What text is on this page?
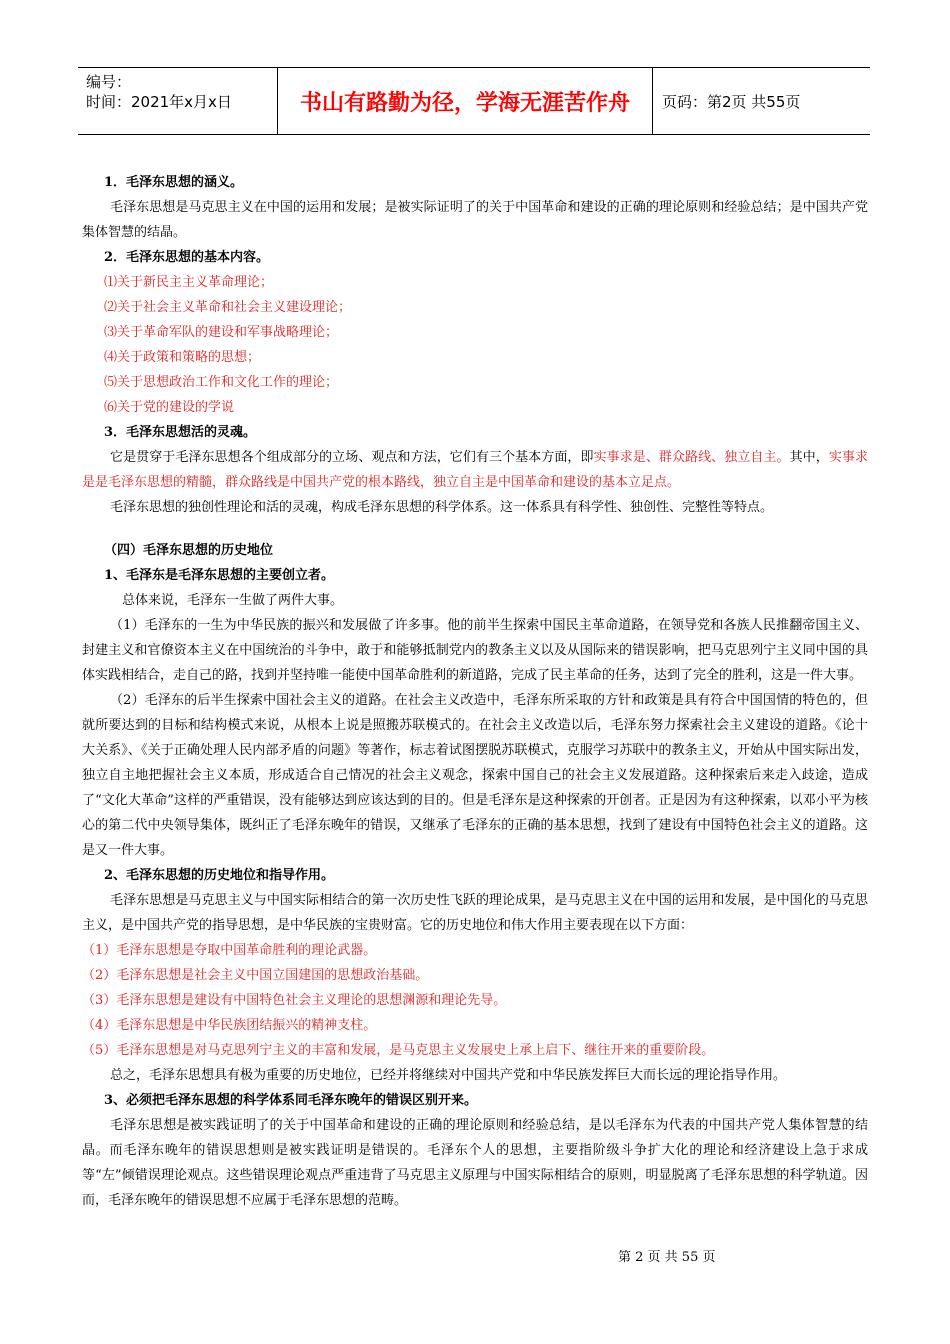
编号：
时间：2021年x月x日	书山有路勤为径，学海无涯苦作舟	页码：第2页 共55页

1．毛泽东思想的涵义。

毛泽东思想是马克思主义在中国的运用和发展；是被实际证明了的关于中国革命和建设的正确的理论原则和经验总结；是中国共产党集体智慧的结晶。

2．毛泽东思想的基本内容。

⑴关于新民主主义革命理论；

⑵关于社会主义革命和社会主义建设理论；

⑶关于革命军队的建设和军事战略理论；

⑷关于政策和策略的思想；

⑸关于思想政治工作和文化工作的理论；

⑹关于党的建设的学说

3．毛泽东思想活的灵魂。

它是贯穿于毛泽东思想各个组成部分的立场、观点和方法，它们有三个基本方面，即实事求是、群众路线、独立自主。其中，实事求是是毛泽东思想的精髓，群众路线是中国共产党的根本路线，独立自主是中国革命和建设的基本立足点。

毛泽东思想的独创性理论和活的灵魂，构成毛泽东思想的科学体系。这一体系具有科学性、独创性、完整性等特点。

（四）毛泽东思想的历史地位

1、毛泽东是毛泽东思想的主要创立者。

总体来说，毛泽东一生做了两件大事。

（1）毛泽东的一生为中华民族的振兴和发展做了许多事。他的前半生探索中国民主革命道路，在领导党和各族人民推翻帝国主义、封建主义和官僚资本主义在中国统治的斗争中，敢于和能够抵制党内的教条主义以及从国际来的错误影响，把马克思列宁主义同中国的具体实践相结合，走自己的路，找到并坚持唯一能使中国革命胜利的新道路，完成了民主革命的任务，达到了完全的胜利，这是一件大事。

（2）毛泽东的后半生探索中国社会主义的道路。在社会主义改造中，毛泽东所采取的方针和政策是具有符合中国国情的特色的，但就所要达到的目标和结构模式来说，从根本上说是照搬苏联模式的。在社会主义改造以后，毛泽东努力探索社会主义建设的道路。《论十大关系》、《关于正确处理人民内部矛盾的问题》等著作，标志着试图摆脱苏联模式，克服学习苏联中的教条主义，开始从中国实际出发，独立自主地把握社会主义本质，形成适合自己情况的社会主义观念，探索中国自己的社会主义发展道路。这种探索后来走入歧途，造成了“文化大革命”这样的严重错误，没有能够达到应该达到的目的。但是毛泽东是这种探索的开创者。正是因为有这种探索，以邓小平为核心的第二代中央领导集体，既纠正了毛泽东晚年的错误，又继承了毛泽东的正确的基本思想，找到了建设有中国特色社会主义的道路。这是又一件大事。

2、毛泽东思想的历史地位和指导作用。

毛泽东思想是马克思主义与中国实际相结合的第一次历史性飞跃的理论成果，是马克思主义在中国的运用和发展，是中国化的马克思主义，是中国共产党的指导思想，是中华民族的宝贵财富。它的历史地位和伟大作用主要表现在以下方面：

（1）毛泽东思想是夺取中国革命胜利的理论武器。

（2）毛泽东思想是社会主义中国立国建国的思想政治基础。

（3）毛泽东思想是建设有中国特色社会主义理论的思想渊源和理论先导。

（4）毛泽东思想是中华民族团结振兴的精神支柱。

（5）毛泽东思想是对马克思列宁主义的丰富和发展，是马克思主义发展史上承上启下、继往开来的重要阶段。

总之，毛泽东思想具有极为重要的历史地位，已经并将继续对中国共产党和中华民族发挥巨大而长远的理论指导作用。

3、必须把毛泽东思想的科学体系同毛泽东晚年的错误区别开来。

毛泽东思想是被实践证明了的关于中国革命和建设的正确的理论原则和经验总结，是以毛泽东为代表的中国共产党人集体智慧的结晶。而毛泽东晚年的错误思想则是被实践证明是错误的。毛泽东个人的思想，主要指阶级斗争扩大化的理论和经济建设上急于求成等“左”倾错误理论观点。这些错误理论观点严重违背了马克思主义原理与中国实际相结合的原则，明显脱离了毛泽东思想的科学轨道。因而，毛泽东晚年的错误思想不应属于毛泽东思想的范畴。

第 2 页 共 55 页
